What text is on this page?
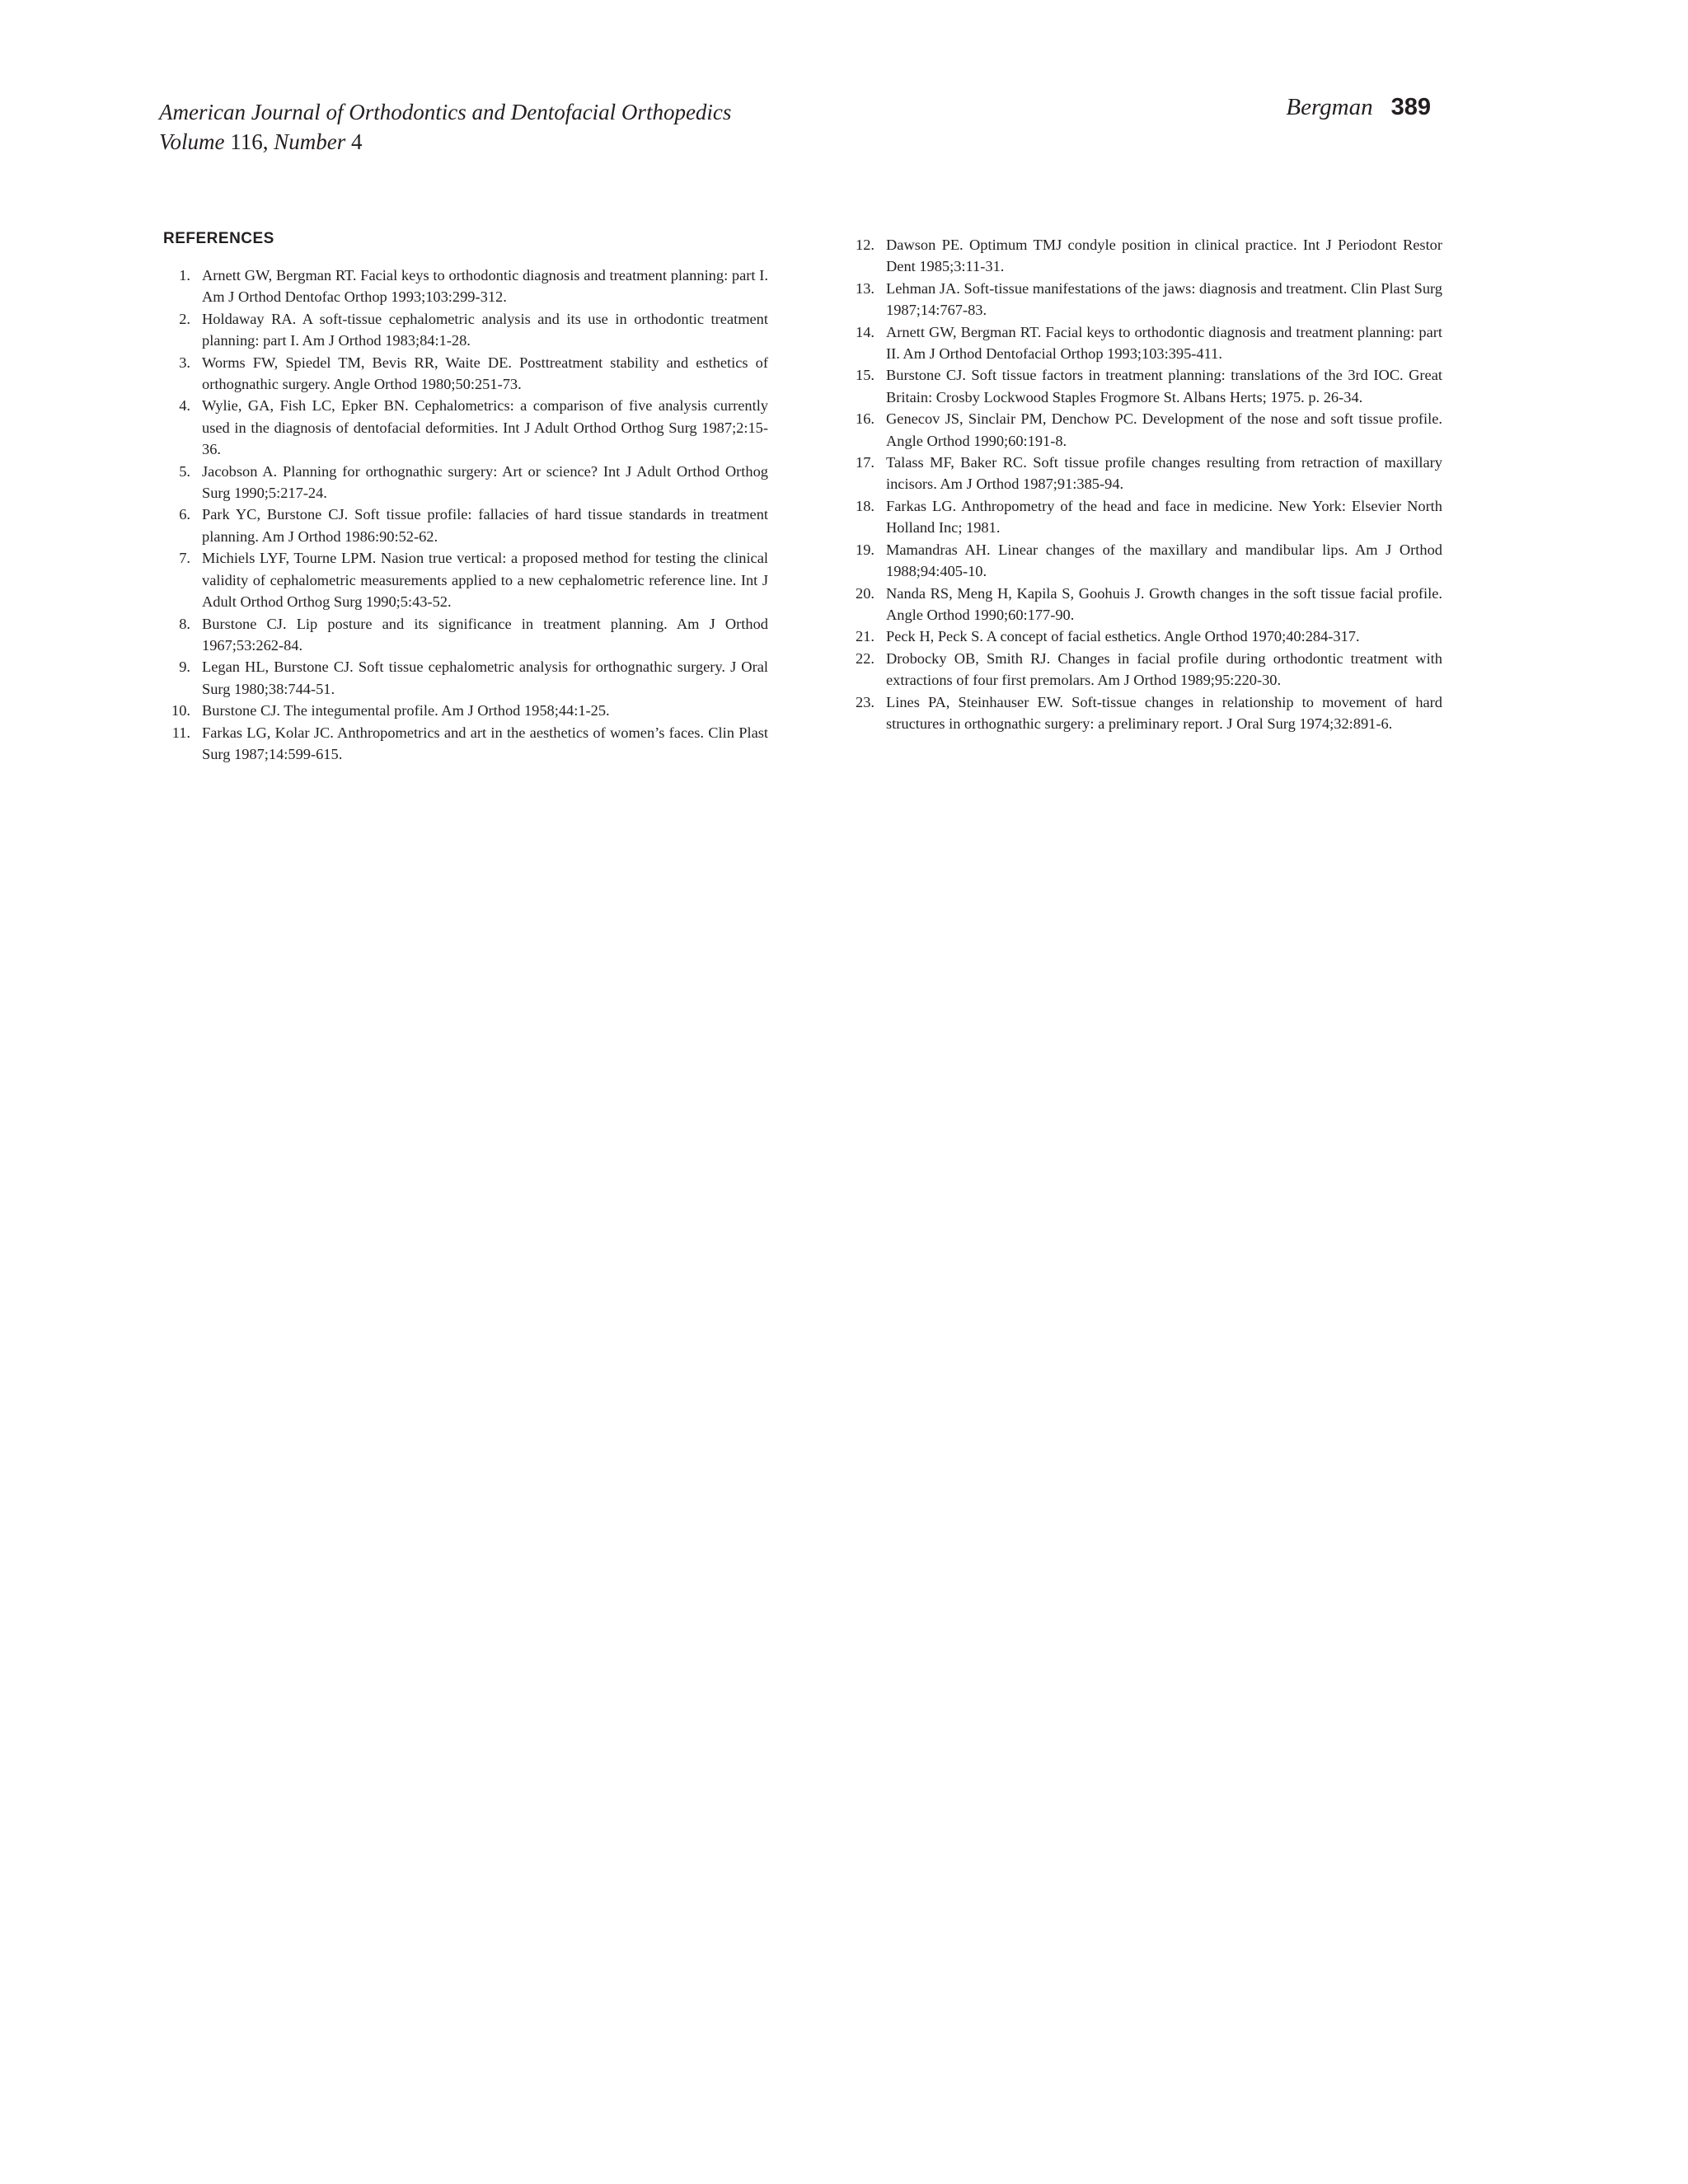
American Journal of Orthodontics and Dentofacial Orthopedics
Volume 116, Number 4
Bergman 389
REFERENCES
1. Arnett GW, Bergman RT. Facial keys to orthodontic diagnosis and treatment planning: part I. Am J Orthod Dentofac Orthop 1993;103:299-312.
2. Holdaway RA. A soft-tissue cephalometric analysis and its use in orthodontic treatment planning: part I. Am J Orthod 1983;84:1-28.
3. Worms FW, Spiedel TM, Bevis RR, Waite DE. Posttreatment stability and esthetics of orthognathic surgery. Angle Orthod 1980;50:251-73.
4. Wylie, GA, Fish LC, Epker BN. Cephalometrics: a comparison of five analysis currently used in the diagnosis of dentofacial deformities. Int J Adult Orthod Orthog Surg 1987;2:15-36.
5. Jacobson A. Planning for orthognathic surgery: Art or science? Int J Adult Orthod Orthog Surg 1990;5:217-24.
6. Park YC, Burstone CJ. Soft tissue profile: fallacies of hard tissue standards in treatment planning. Am J Orthod 1986:90:52-62.
7. Michiels LYF, Tourne LPM. Nasion true vertical: a proposed method for testing the clinical validity of cephalometric measurements applied to a new cephalometric reference line. Int J Adult Orthod Orthog Surg 1990;5:43-52.
8. Burstone CJ. Lip posture and its significance in treatment planning. Am J Orthod 1967;53:262-84.
9. Legan HL, Burstone CJ. Soft tissue cephalometric analysis for orthognathic surgery. J Oral Surg 1980;38:744-51.
10. Burstone CJ. The integumental profile. Am J Orthod 1958;44:1-25.
11. Farkas LG, Kolar JC. Anthropometrics and art in the aesthetics of women’s faces. Clin Plast Surg 1987;14:599-615.
12. Dawson PE. Optimum TMJ condyle position in clinical practice. Int J Periodont Restor Dent 1985;3:11-31.
13. Lehman JA. Soft-tissue manifestations of the jaws: diagnosis and treatment. Clin Plast Surg 1987;14:767-83.
14. Arnett GW, Bergman RT. Facial keys to orthodontic diagnosis and treatment planning: part II. Am J Orthod Dentofacial Orthop 1993;103:395-411.
15. Burstone CJ. Soft tissue factors in treatment planning: translations of the 3rd IOC. Great Britain: Crosby Lockwood Staples Frogmore St. Albans Herts; 1975. p. 26-34.
16. Genecov JS, Sinclair PM, Denchow PC. Development of the nose and soft tissue profile. Angle Orthod 1990;60:191-8.
17. Talass MF, Baker RC. Soft tissue profile changes resulting from retraction of maxillary incisors. Am J Orthod 1987;91:385-94.
18. Farkas LG. Anthropometry of the head and face in medicine. New York: Elsevier North Holland Inc; 1981.
19. Mamandras AH. Linear changes of the maxillary and mandibular lips. Am J Orthod 1988;94:405-10.
20. Nanda RS, Meng H, Kapila S, Goohuis J. Growth changes in the soft tissue facial profile. Angle Orthod 1990;60:177-90.
21. Peck H, Peck S. A concept of facial esthetics. Angle Orthod 1970;40:284-317.
22. Drobocky OB, Smith RJ. Changes in facial profile during orthodontic treatment with extractions of four first premolars. Am J Orthod 1989;95:220-30.
23. Lines PA, Steinhauser EW. Soft-tissue changes in relationship to movement of hard structures in orthognathic surgery: a preliminary report. J Oral Surg 1974;32:891-6.
